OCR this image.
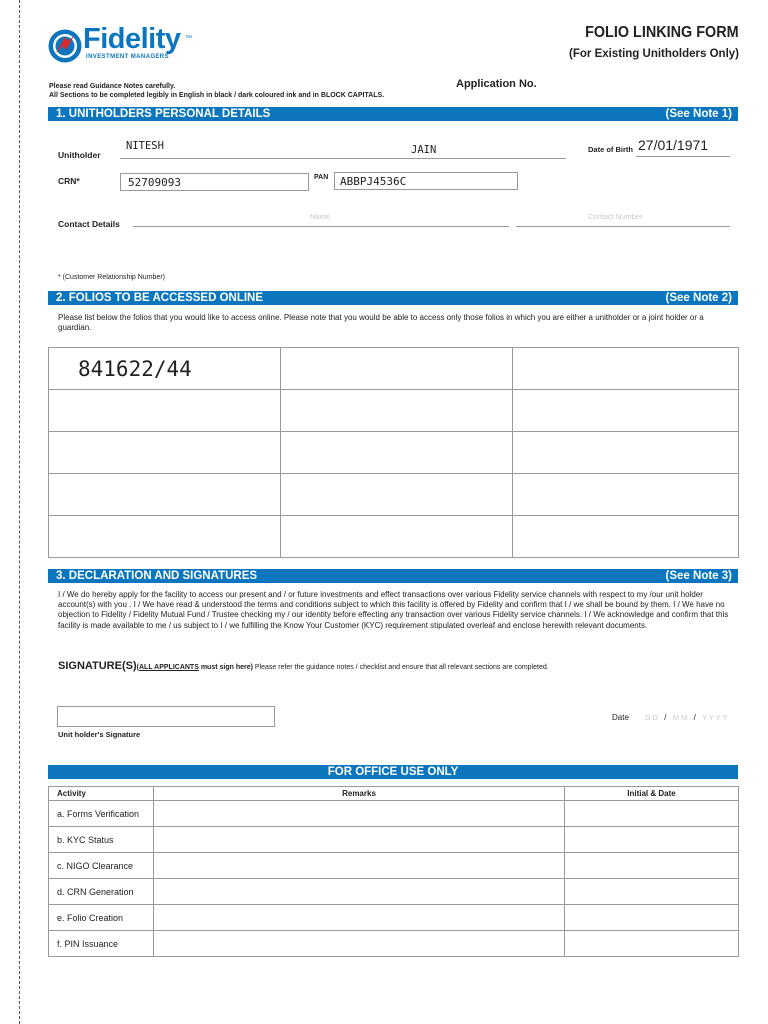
Fidelity ™
INVESTMENT MANAGERS
FOLIO LINKING FORM
(For Existing Unitholders Only)
Please read Guidance Notes carefully.
All Sections to be completed legibly in English in black / dark coloured ink and in BLOCK CAPITALS.
Application No.
1. UNITHOLDERS PERSONAL DETAILS	(See Note 1)
Unitholder
NITESH	JAIN	Date of Birth 27/01/1971
CRN*	52709093	PAN ABBPJ4536C
Contact Details
Name	Contact Number
* (Customer Relationship Number)
2. FOLIOS TO BE ACCESSED ONLINE	(See Note 2)
Please list below the folios that you would like to access online. Please note that you would be able to access only those folios in which you are either a unitholder or a joint holder or a guardian.
841622/44		

3. DECLARATION AND SIGNATURES	(See Note 3)
I / We do hereby apply for the facility to access our present and / or future investments and effect transactions over various Fidelity service channels with respect to my /our unit holder account(s) with you . I / We have read & understood the terms and conditions subject to which this facility is offered by Fidelity and confirm that I / we shall be bound by them. I / We have no objection to Fidelity / Fidelity Mutual Fund / Trustee checking my / our identity before effecting any transaction over various Fidelity service channels. I / We acknowledge and confirm that this facility is made available to me / us subject to I / we fulfilling the Know Your Customer (KYC) requirement stipulated overleaf and enclose herewith relevant documents.
SIGNATURE(S)(ALL APPLICANTS must sign here) Please refer the guidance notes / checklist and ensure that all relevant sections are completed.
Unit holder's Signature
Date D D / M M / Y Y Y Y
FOR OFFICE USE ONLY
Activity	Remarks	Initial & Date
a. Forms Verification		
b. KYC Status		
c. NIGO Clearance		
d. CRN Generation		
e. Folio Creation		
f. PIN Issuance		
